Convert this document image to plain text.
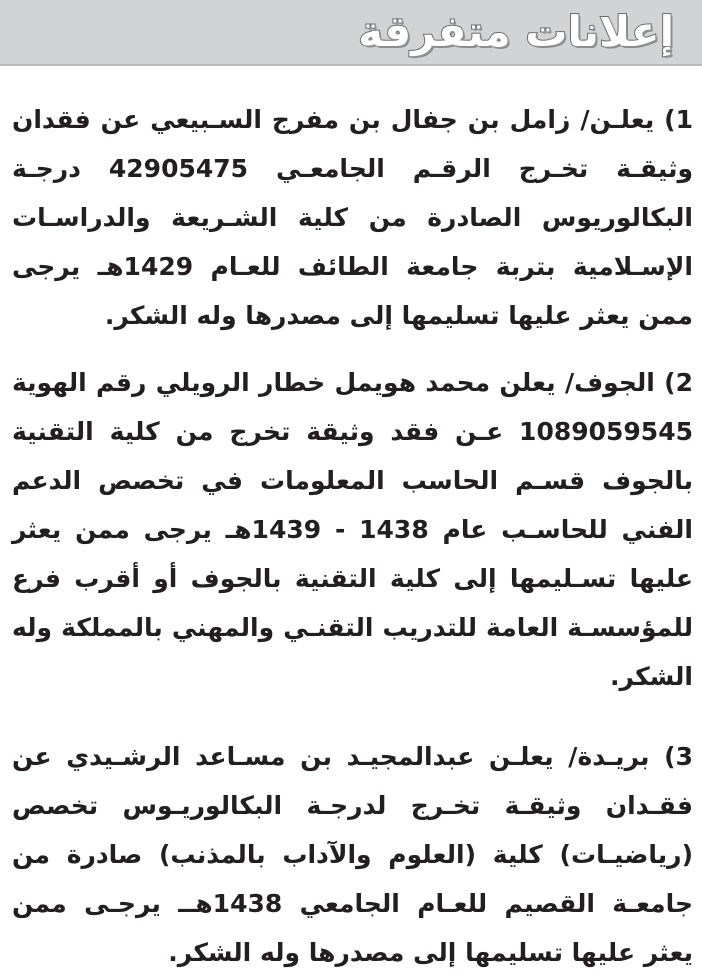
إعلانات متفرقة

1) يعلـن/ زامل بن جفال بن مفرج السـبيعي عن فقدان وثيقـة تخـرج الرقـم الجامعـي 42905475 درجـة البكالوريوس الصادرة من كلية الشـريعة والدراسـات الإسـلامية بتربة جامعة الطائف للعـام 1429هـ يرجى ممن يعثر عليها تسليمها إلى مصدرها وله الشكر.

2) الجوف/ يعلن محمد هويمل خطار الرويلي رقم الهوية 1089059545 عـن فقد وثيقة تخرج من كلية التقنية بالجوف قسـم الحاسب المعلومات في تخصص الدعم الفني للحاسـب عام 1438 - 1439هـ يرجى ممن يعثر عليها تسـليمها إلى كلية التقنية بالجوف أو أقرب فرع للمؤسسـة العامة للتدريب التقنـي والمهني بالمملكة وله الشكر.

3) بريـدة/ يعلـن عبدالمجيـد بن مسـاعد الرشـيدي عن فقـدان وثيقـة تخـرج لدرجـة البكالوريـوس تخصص (رياضيـات) كلية (العلوم والآداب بالمذنب) صادرة من جامعـة القصيم للعـام الجامعي 1438هــ يرجـى ممن يعثر عليها تسليمها إلى مصدرها وله الشكر.
